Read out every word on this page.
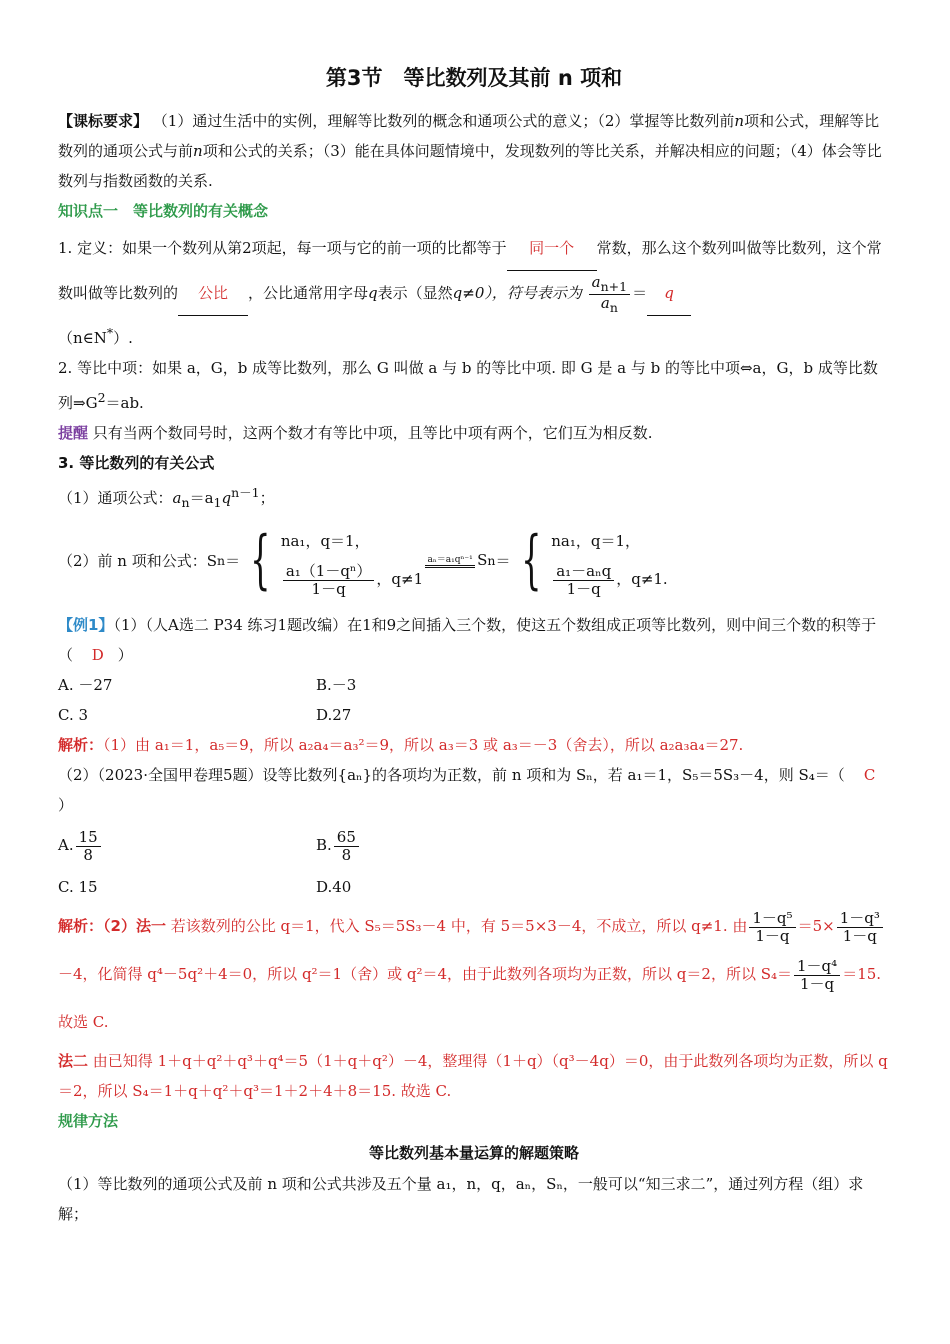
第3节　等比数列及其前 n 项和

【课标要求】 （1）通过生活中的实例，理解等比数列的概念和通项公式的意义；（2）掌握等比数列前n项和公式，理解等比数列的通项公式与前n项和公式的关系；（3）能在具体问题情境中，发现数列的等比关系，并解决相应的问题；（4）体会等比数列与指数函数的关系.

知识点一　等比数列的有关概念

1. 定义：如果一个数列从第2项起，每一项与它的前一项的比都等于 同一个 常数，那么这个数列叫做等比数列，这个常数叫做等比数列的 公比 ，公比通常用字母q表示（显然q≠0），符号表示为 $\frac{a_{n+1}}{a_n} = q$

（n∈N*）.

2. 等比中项：如果 a，G，b 成等比数列，那么 G 叫做 a 与 b 的等比中项. 即 G 是 a 与 b 的等比中项⇔a，G，b 成等比数列$\Rightarrow G^2=ab$.

提醒 只有当两个数同号时，这两个数才有等比中项，且等比中项有两个，它们互为相反数.

3. 等比数列的有关公式

（1）通项公式：$a_n=a_1q^{n-1}$；

（2）前 n 项和公式：S n ＝ { na₁，q＝1，
$\frac{\text{a₁（1－qⁿ）}}{1-q}$ ，q≠1
aₙ＝a₁qⁿ⁻¹ S n ＝ { na₁，q＝1，
$\frac{\text{a₁－aₙq}}{1-q}$ ，q≠1.

【例1】（1）（人A选二 P34 练习1题改编）在1和9之间插入三个数，使这五个数组成正项等比数列，则中间三个数的积等于（ D ）

A. －27	B.－3
C. 3	D.27

解析：（1）由 a₁＝1，a₅＝9，所以 a₂a₄＝a₃²＝9，所以 a₃＝3 或 a₃＝－3（舍去），所以 a₂a₃a₄＝27.

（2）（2023·全国甲卷理5题）设等比数列{aₙ}的各项均为正数，前 n 项和为 Sₙ，若 a₁＝1，S₅＝5S₃－4，则 S₄＝（ C）

A. $\frac{15}{8}$	B. $\frac{65}{8}$
C. 15	D.40

解析：（2）法一 若该数列的公比 q＝1，代入 S₅＝5S₃－4 中，有 5＝5×3－4，不成立，所以 q≠1. 由 $\frac{\text{1－q⁵}}{1-q} =5\times \frac{\text{1－q³}}{1-q}$
－4，化简得 q⁴－5q²＋4＝0，所以 q²＝1（舍）或 q²＝4，由于此数列各项均为正数，所以 q＝2，所以 $S_4= \frac{\text{1－q⁴}}{1-q} =15$. 故选 C.

法二 由已知得 1＋q＋q²＋q³＋q⁴＝5（1＋q＋q²）－4，整理得（1＋q）（q³－4q）＝0，由于此数列各项均为正数，所以 q＝2，所以 S₄＝1＋q＋q²＋q³＝1＋2＋4＋8＝15. 故选 C.

规律方法

等比数列基本量运算的解题策略

（1）等比数列的通项公式及前 n 项和公式共涉及五个量 a₁，n，q，aₙ，Sₙ，一般可以“知三求二”，通过列方程（组）求解；
